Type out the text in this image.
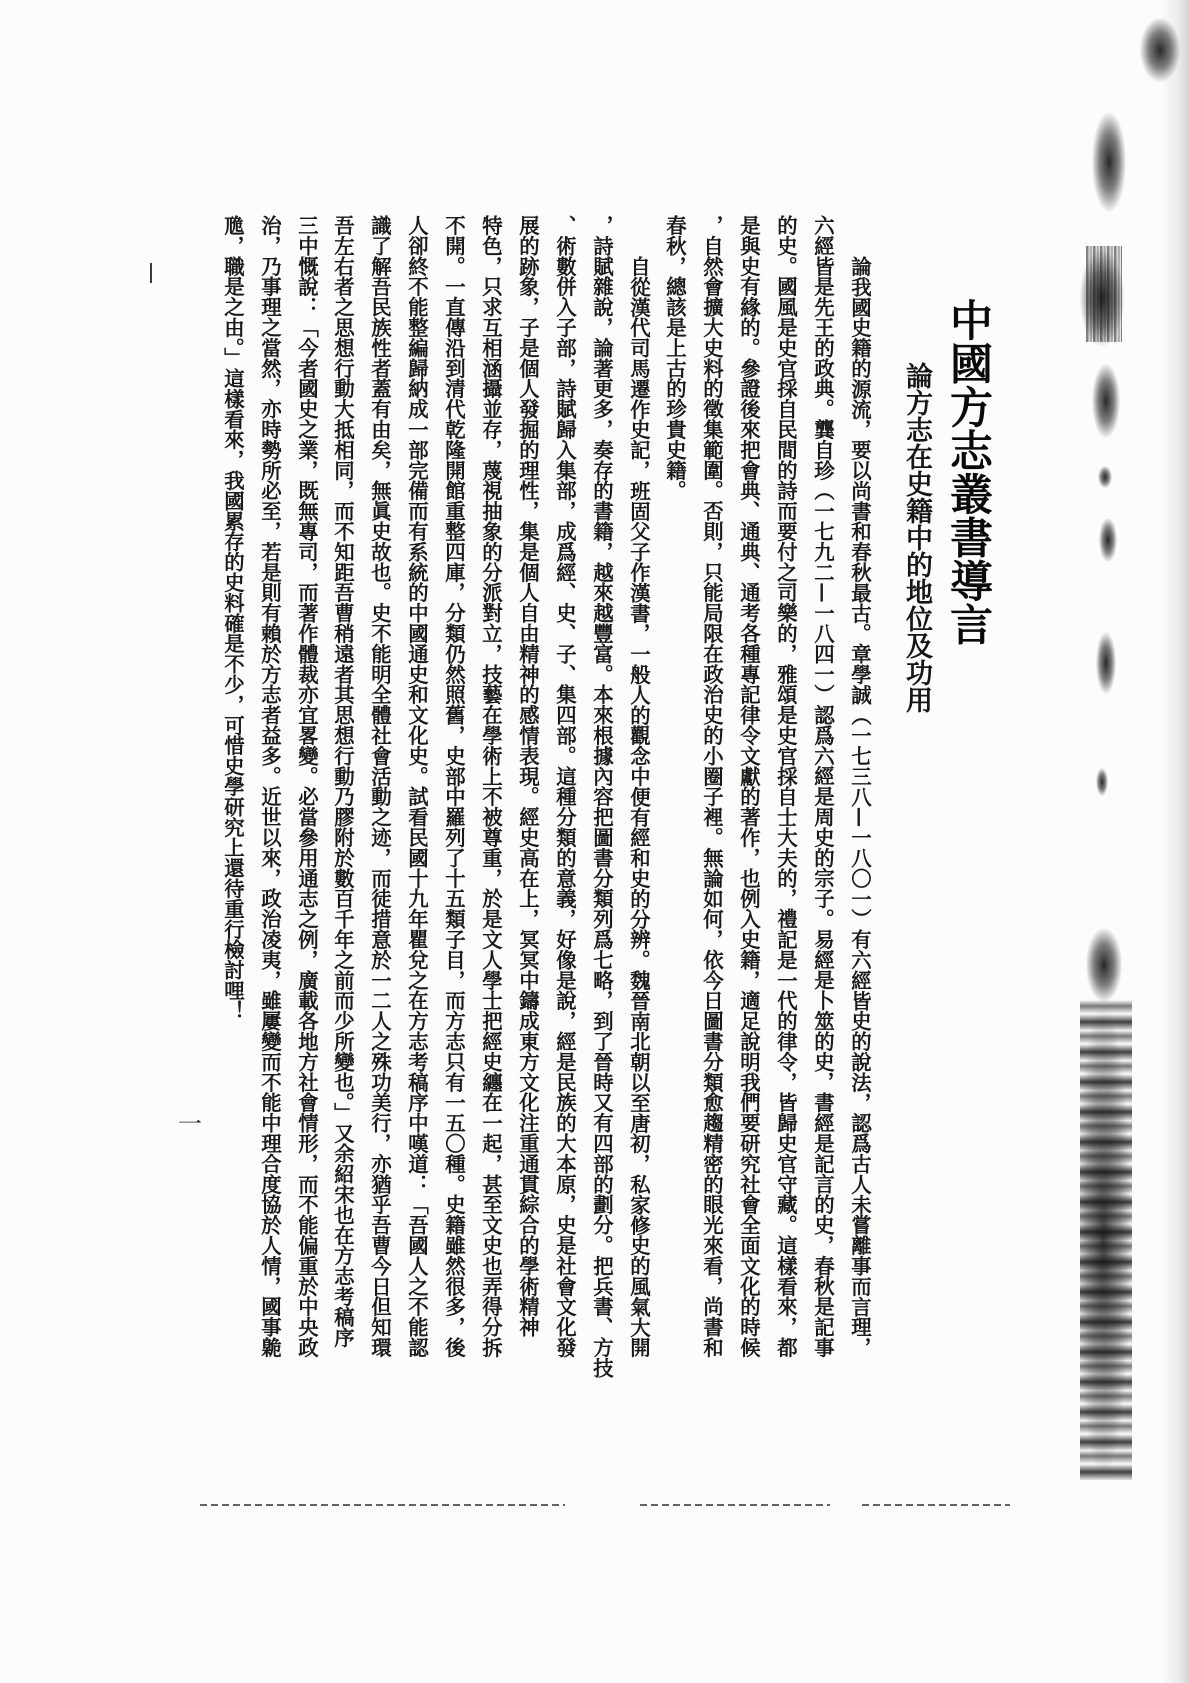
中國方志叢書導言
論方志在史籍中的地位及功用
論我國史籍的源流，要以尚書和春秋最古。章學誠（一七三八—一八〇一）有六經皆史的說法，認爲古人未嘗離事而言理，
六經皆是先王的政典。龔自珍（一七九二—一八四一）認爲六經是周史的宗子。易經是卜筮的史，書經是記言的史，春秋是記事
的史。國風是史官採自民間的詩而要付之司樂的，雅頌是史官採自士大夫的，禮記是一代的律令，皆歸史官守藏。這樣看來，都
是與史有緣的。參證後來把會典、通典、通考各種專記律令文獻的著作，也例入史籍，適足說明我們要研究社會全面文化的時候
，自然會擴大史料的徵集範圍。否則，只能局限在政治史的小圈子裡。無論如何，依今日圖書分類愈趨精密的眼光來看，尚書和
春秋，總該是上古的珍貴史籍。
自從漢代司馬遷作史記，班固父子作漢書，一般人的觀念中便有經和史的分辨。魏晉南北朝以至唐初，私家修史的風氣大開
，詩賦雜說，論著更多，奏存的書籍，越來越豐富。本來根據內容把圖書分類列爲七略，到了晉時又有四部的劃分。把兵書、方技
、術數併入子部，詩賦歸入集部，成爲經、史、子、集四部。這種分類的意義，好像是說，經是民族的大本原，史是社會文化發
展的跡象，子是個人發掘的理性，集是個人自由精神的感情表現。經史高在上，冥冥中鑄成東方文化注重通貫綜合的學術精神
特色，只求互相涵攝並存，蔑視抽象的分派對立，技藝在學術上不被尊重，於是文人學士把經史纏在一起，甚至文史也弄得分拆
不開。一直傳沿到清代乾隆開館重整四庫，分類仍然照舊，史部中羅列了十五類子目，而方志只有一五〇種。史籍雖然很多，後
人卻終不能整編歸納成一部完備而有系統的中國通史和文化史。試看民國十九年瞿兌之在方志考稿序中嘆道：「吾國人之不能認
識了解吾民族性者蓋有由矣，無眞史故也。史不能明全體社會活動之迹，而徒措意於一二人之殊功美行，亦猶乎吾曹今日但知環
吾左右者之思想行動大抵相同，而不知距吾曹稍遠者其思想行動乃膠附於數百千年之前而少所變也。」又余紹宋也在方志考稿序
三中慨說：「今者國史之業，既無專司，而著作體裁亦宜畧變。必當參用通志之例，廣載各地方社會情形，而不能偏重於中央政
治，乃事理之當然，亦時勢所必至，若是則有賴於方志者益多。近世以來，政治凌夷，雖屢變而不能中理合度協於人情，國事臲
卼，職是之由。」這樣看來，我國累存的史料確是不少，可惜史學研究上還待重行檢討哩！
一
